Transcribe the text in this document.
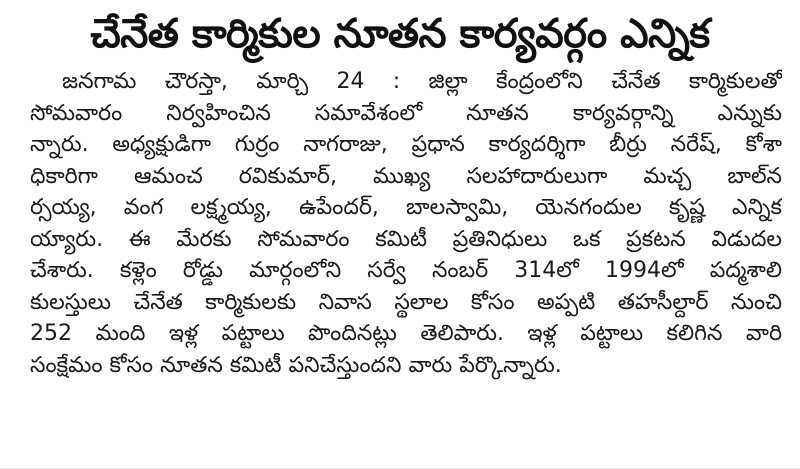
చేనేత కార్మికుల నూతన కార్యవర్గం ఎన్నిక
జనగామ చౌరస్తా, మార్చి 24 : జిల్లా కేంద్రంలోని చేనేత కార్మికులతో
సోమవారం నిర్వహించిన సమావేశంలో నూతన కార్యవర్గాన్ని ఎన్నుకు
న్నారు. అధ్యక్షుడిగా గుర్రం నాగరాజు, ప్రధాన కార్యదర్శిగా బీర్రు నరేష్, కోశా
ధికారిగా ఆమంచ రవికుమార్, ముఖ్య సలహాదారులుగా మచ్చ బాల్‌న
ర్సయ్య, వంగ లక్ష్మయ్య, ఉపేందర్, బాలస్వామి, యెనగందుల కృష్ణ ఎన్నిక
య్యారు. ఈ మేరకు సోమవారం కమిటీ ప్రతినిధులు ఒక ప్రకటన విడుదల
చేశారు. కళ్లెం రోడ్డు మార్గంలోని సర్వే నంబర్ 314లో 1994లో పద్మశాలి
కులస్తులు చేనేత కార్మికులకు నివాస స్థలాల కోసం అప్పటి తహసీల్దార్ నుంచి
252 మంది ఇళ్ల పట్టాలు పొందినట్లు తెలిపారు. ఇళ్ల పట్టాలు కలిగిన వారి
సంక్షేమం కోసం నూతన కమిటీ పనిచేస్తుందని వారు పేర్కొన్నారు.
